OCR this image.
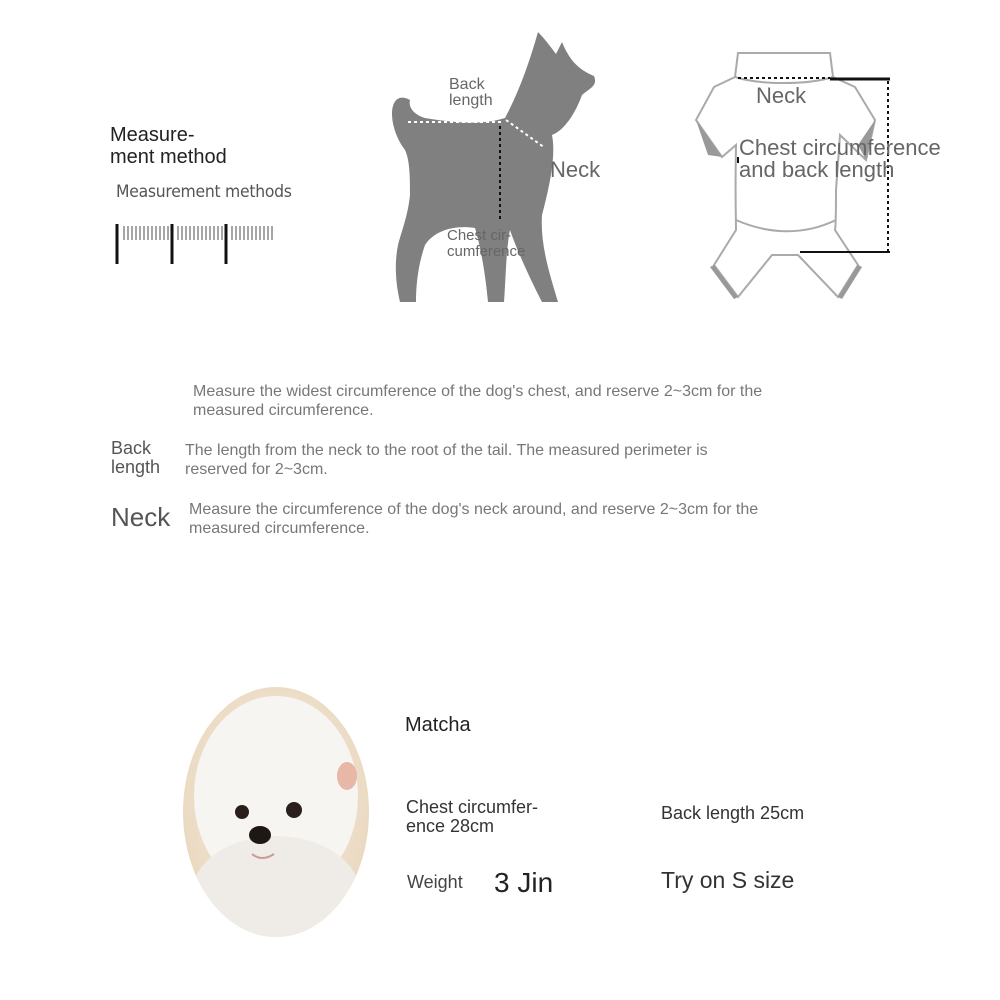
Measure-
ment method
Measurement methods
Back length
Neck
Chest cir-
cumference
Neck
Chest circumference
and back length
Measure the widest circumference of the dog's chest, and reserve 2~3cm for the measured circumference.
Back
length
The length from the neck to the root of the tail. The measured perimeter is reserved for 2~3cm.
Neck Measure the circumference of the dog's neck around, and reserve 2~3cm for the measured circumference.
Matcha
Chest circumfer-
ence 28cm
Back length 25cm
Weight 3 Jin	Try on S size
